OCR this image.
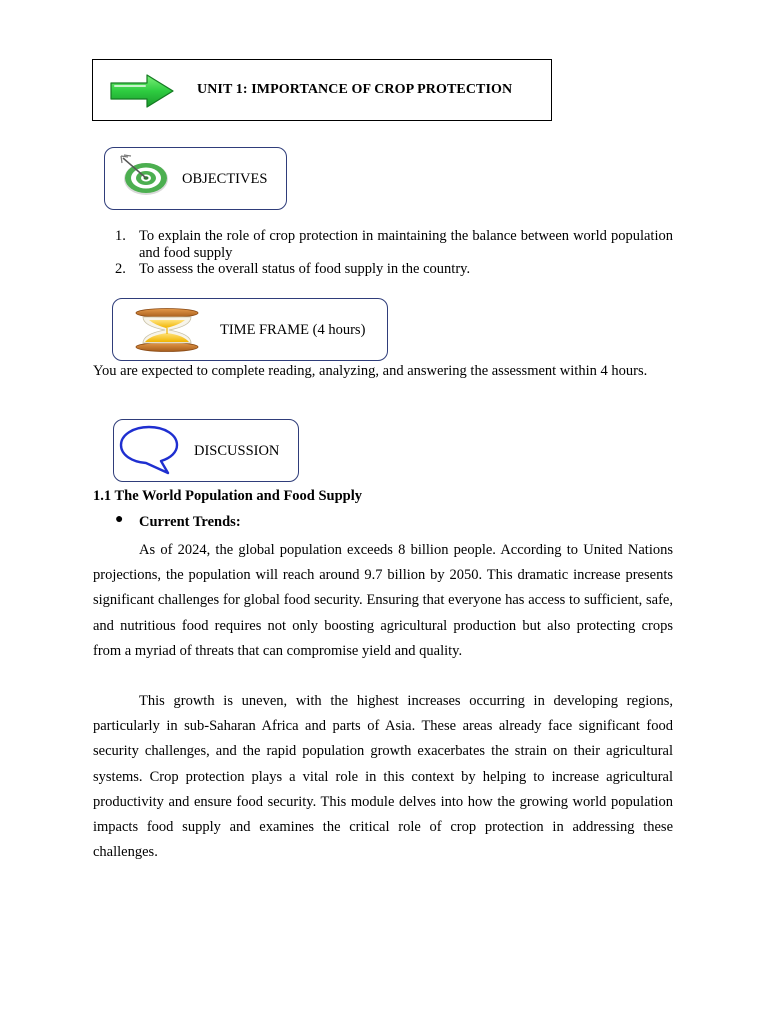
UNIT 1: IMPORTANCE OF CROP PROTECTION
OBJECTIVES
1. To explain the role of crop protection in maintaining the balance between world population and food supply
2. To assess the overall status of food supply in the country.
TIME FRAME (4 hours)

You are expected to complete reading, analyzing, and answering the assessment within 4 hours.

DISCUSSION
1.1 The World Population and Food Supply
● Current Trends:

As of 2024, the global population exceeds 8 billion people. According to United Nations projections, the population will reach around 9.7 billion by 2050. This dramatic increase presents significant challenges for global food security. Ensuring that everyone has access to sufficient, safe, and nutritious food requires not only boosting agricultural production but also protecting crops from a myriad of threats that can compromise yield and quality.

This growth is uneven, with the highest increases occurring in developing regions, particularly in sub-Saharan Africa and parts of Asia. These areas already face significant food security challenges, and the rapid population growth exacerbates the strain on their agricultural systems. Crop protection plays a vital role in this context by helping to increase agricultural productivity and ensure food security. This module delves into how the growing world population impacts food supply and examines the critical role of crop protection in addressing these challenges.
